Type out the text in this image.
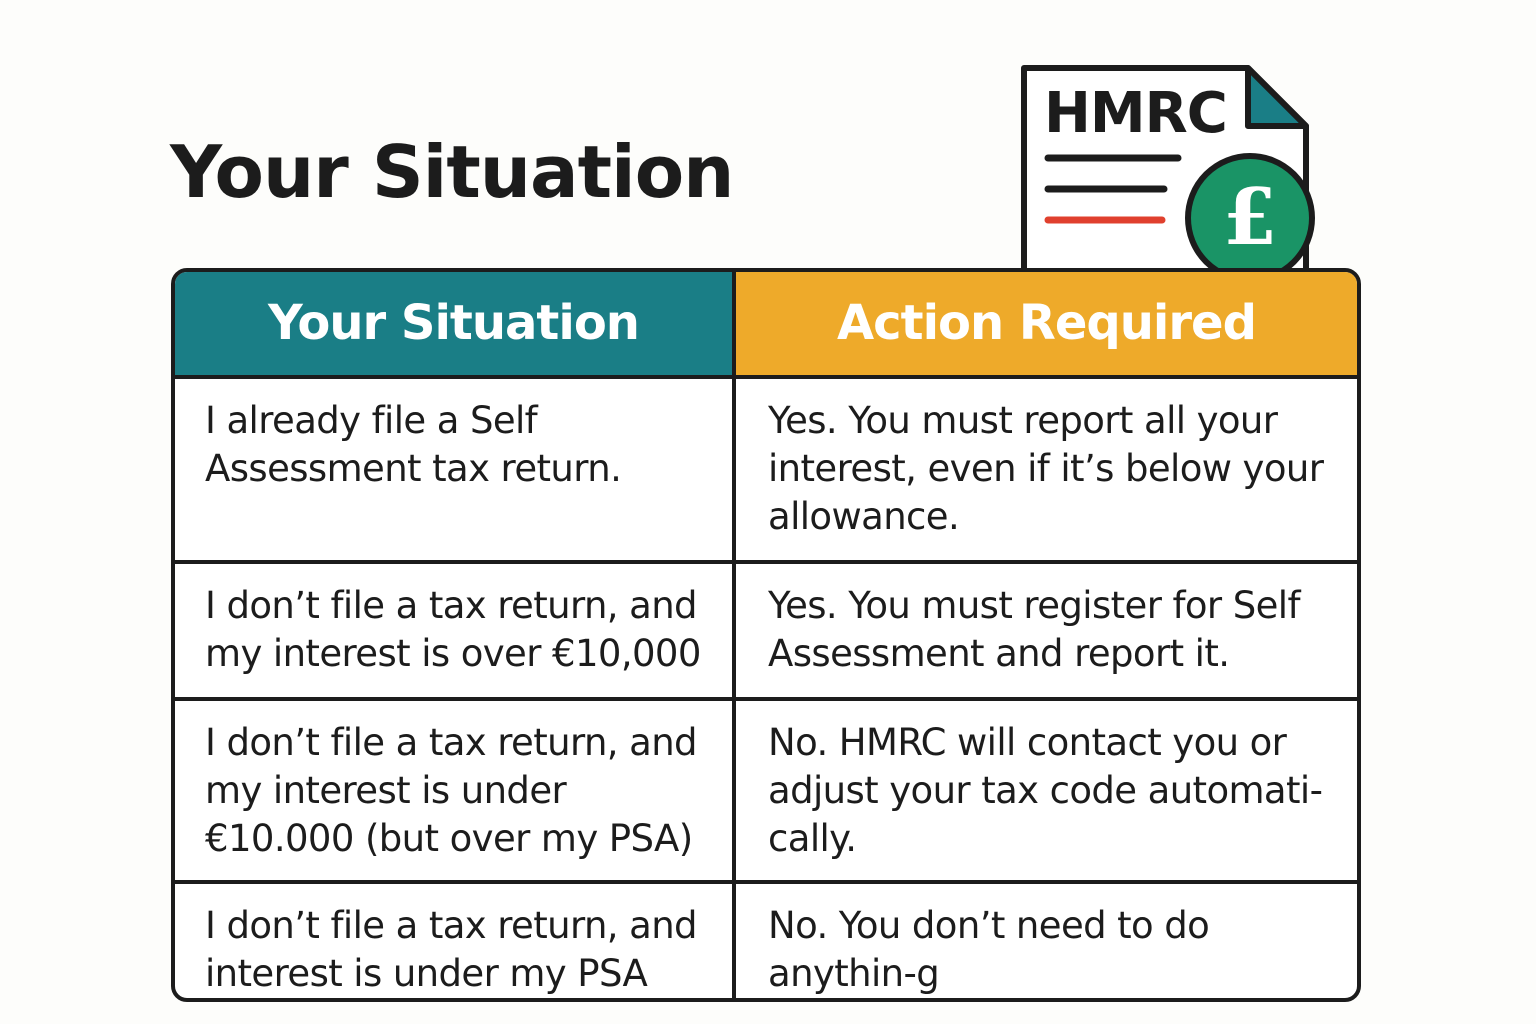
Your Situation
HMRC
£
Your Situation	Action Required
I already file a Self Assessment tax return.
Yes. You must report all your interest, even if it’s below your allowance.
I don’t file a tax return, and my interest is over €10,000
Yes. You must register for Self Assessment and report it.
I don’t file a tax return, and my interest is under €10.000 (but over my PSA)
No. HMRC will contact you or adjust your tax code automati-cally.
I don’t file a tax return, and interest is under my PSA
No. You don’t need to do anythin-g
